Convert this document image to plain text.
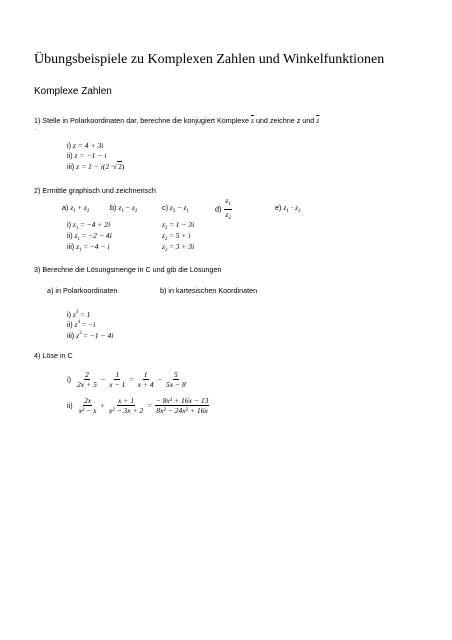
Übungsbeispiele zu Komplexen Zahlen und Winkelfunktionen
Komplexe Zahlen
1) Stelle in Polarkoordinaten dar, berechne die konjugiert Komplexe $\overline{z}$ und zeichne z und $\overline{z}$
.
i) z = 4 + 3i
ii) z = −1 − i
iii) z = 1 − i(2 ·√2)
2) Ermittle graphisch und zeichnerisch
a) $z_1 + z_2$	b) $z_1 - z_2$	c) $z_2 - z_1$	$d) \frac{z_1}{z_2}$	e) $z_1 \cdot z_2$
i) $z_1 = -4 + 2i$	$z_2 = 1 - 3i$
ii) $z_1 = -2 - 4i$	$z_2 = 5 + i$
iii) $z_1 = -4 - i$	$z_2 = 3 + 3i$
3) Berechne die Lösungsmenge in C und gib die Lösungen
a) in Polarkoordinaten	b) in kartesischen Koordinaten
i) $z^3 = 1$
ii) $z^4 = -i$
iii) $z^3 = -1 - 4i$
4) Löse in C
$i) \frac{2}{2x + 5} - \frac{1}{x - 1} = \frac{1}{x + 4} - \frac{5}{5x - 8}$
$ii) \frac{2x}{\text{x² − x}} + \frac{x + 1}{\text{x² − 3x + 2}} = \frac{\text{− 8x² + 16x − 13}}{\text{8x² − 24x² + 16x}}$
